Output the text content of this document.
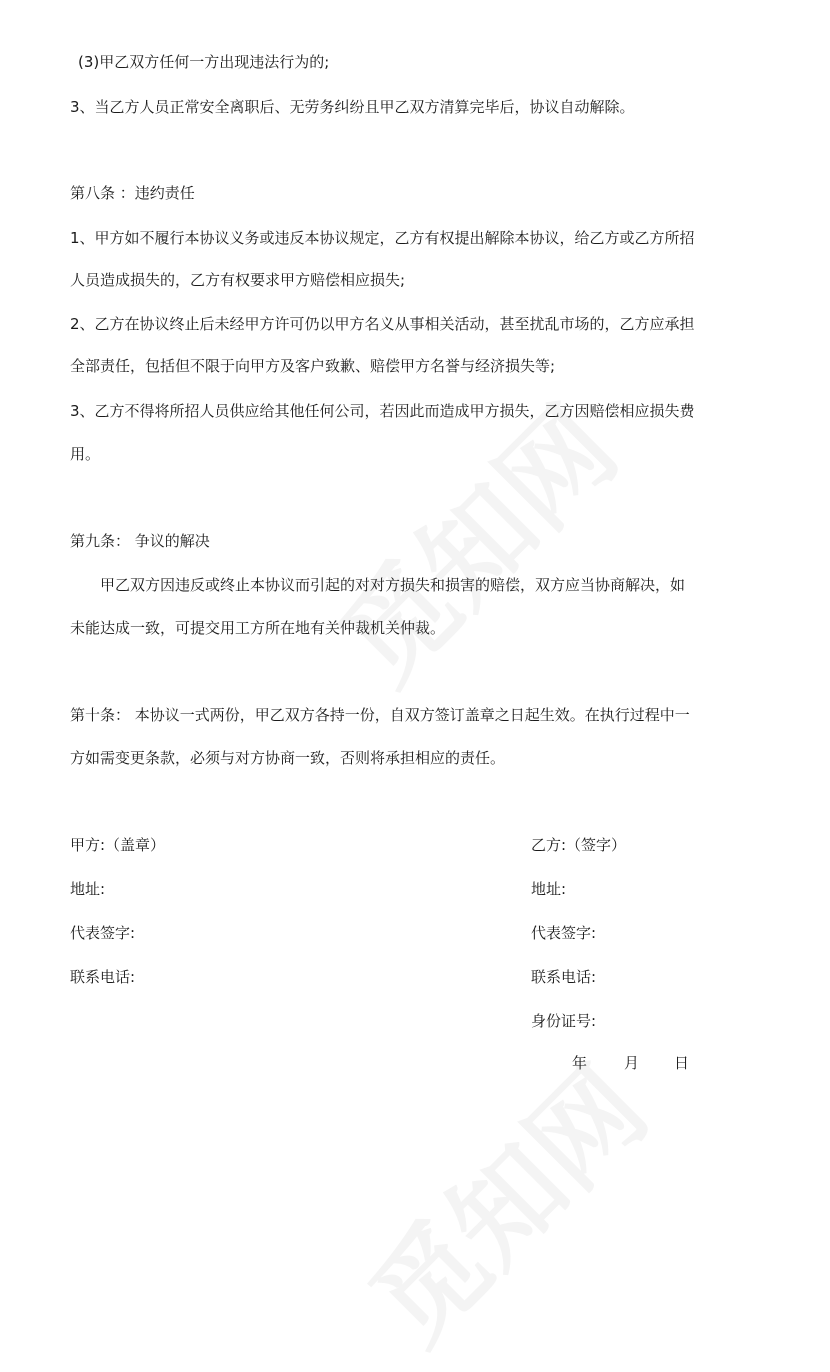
(3)甲乙双方任何一方出现违法行为的;
3、当乙方人员正常安全离职后、无劳务纠纷且甲乙双方清算完毕后，协议自动解除。
第八条 ：违约责任
1、甲方如不履行本协议义务或违反本协议规定，乙方有权提出解除本协议，给乙方或乙方所招
人员造成损失的，乙方有权要求甲方赔偿相应损失;
2、乙方在协议终止后未经甲方许可仍以甲方名义从事相关活动，甚至扰乱市场的，乙方应承担
全部责任，包括但不限于向甲方及客户致歉、赔偿甲方名誉与经济损失等;
3、乙方不得将所招人员供应给其他任何公司，若因此而造成甲方损失，乙方因赔偿相应损失费
用。
第九条： 争议的解决
甲乙双方因违反或终止本协议而引起的对对方损失和损害的赔偿，双方应当协商解决，如
未能达成一致，可提交用工方所在地有关仲裁机关仲裁。
第十条： 本协议一式两份，甲乙双方各持一份，自双方签订盖章之日起生效。在执行过程中一
方如需变更条款，必须与对方协商一致，否则将承担相应的责任。
甲方:（盖章）
地址:
代表签字:
联系电话:
乙方:（签字）
地址:
代表签字:
联系电话:
身份证号:
年 月 日
